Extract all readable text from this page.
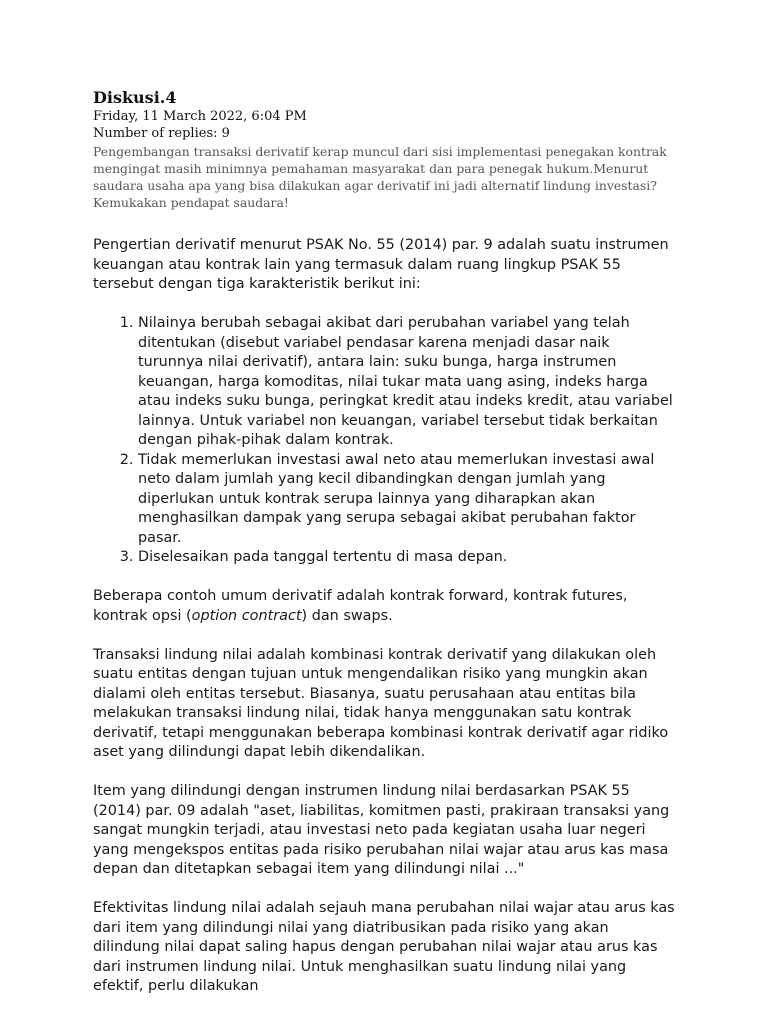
Diskusi.4
Friday, 11 March 2022, 6:04 PM
Number of replies: 9
Pengembangan transaksi derivatif kerap muncul dari sisi implementasi penegakan kontrak mengingat masih minimnya pemahaman masyarakat dan para penegak hukum.Menurut saudara usaha apa yang bisa dilakukan agar derivatif ini jadi alternatif lindung investasi? Kemukakan pendapat saudara!

Pengertian derivatif menurut PSAK No. 55 (2014) par. 9 adalah suatu instrumen keuangan atau kontrak lain yang termasuk dalam ruang lingkup PSAK 55 tersebut dengan tiga karakteristik berikut ini:

1. Nilainya berubah sebagai akibat dari perubahan variabel yang telah ditentukan (disebut variabel pendasar karena menjadi dasar naik turunnya nilai derivatif), antara lain: suku bunga, harga instrumen keuangan, harga komoditas, nilai tukar mata uang asing, indeks harga atau indeks suku bunga, peringkat kredit atau indeks kredit, atau variabel lainnya. Untuk variabel non keuangan, variabel tersebut tidak berkaitan dengan pihak-pihak dalam kontrak.
2. Tidak memerlukan investasi awal neto atau memerlukan investasi awal neto dalam jumlah yang kecil dibandingkan dengan jumlah yang diperlukan untuk kontrak serupa lainnya yang diharapkan akan menghasilkan dampak yang serupa sebagai akibat perubahan faktor pasar.
3. Diselesaikan pada tanggal tertentu di masa depan.

Beberapa contoh umum derivatif adalah kontrak forward, kontrak futures, kontrak opsi (option contract) dan swaps.

Transaksi lindung nilai adalah kombinasi kontrak derivatif yang dilakukan oleh suatu entitas dengan tujuan untuk mengendalikan risiko yang mungkin akan dialami oleh entitas tersebut. Biasanya, suatu perusahaan atau entitas bila melakukan transaksi lindung nilai, tidak hanya menggunakan satu kontrak derivatif, tetapi menggunakan beberapa kombinasi kontrak derivatif agar ridiko aset yang dilindungi dapat lebih dikendalikan.

Item yang dilindungi dengan instrumen lindung nilai berdasarkan PSAK 55 (2014) par. 09 adalah "aset, liabilitas, komitmen pasti, prakiraan transaksi yang sangat mungkin terjadi, atau investasi neto pada kegiatan usaha luar negeri yang mengekspos entitas pada risiko perubahan nilai wajar atau arus kas masa depan dan ditetapkan sebagai item yang dilindungi nilai ..."

Efektivitas lindung nilai adalah sejauh mana perubahan nilai wajar atau arus kas dari item yang dilindungi nilai yang diatribusikan pada risiko yang akan dilindung nilai dapat saling hapus dengan perubahan nilai wajar atau arus kas dari instrumen lindung nilai. Untuk menghasilkan suatu lindung nilai yang efektif, perlu dilakukan
